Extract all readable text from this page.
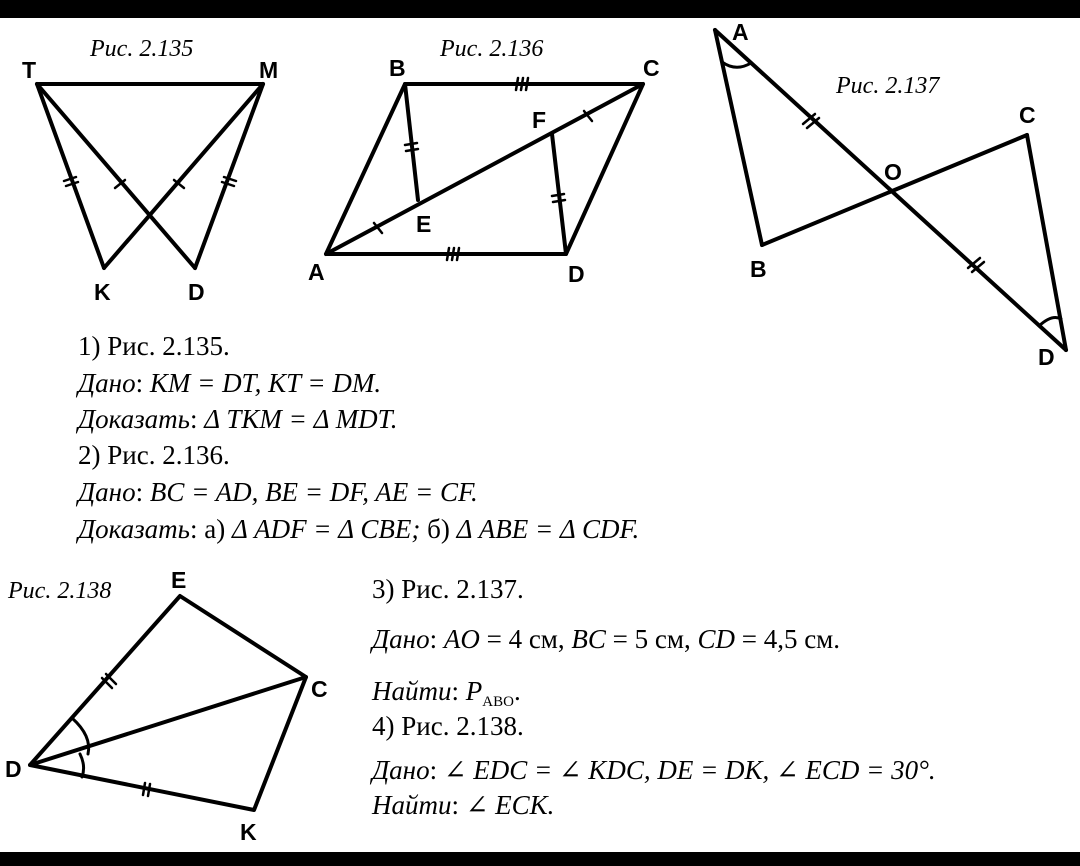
Рис. 2.135
T	M
K	D
Рис. 2.136
B	C
F
E
A	D
Рис. 2.137
A
C
O
B
D
Рис. 2.138	E
C
D
K
1) Рис. 2.135.
Дано: KM = DT, KT = DM.
Доказать: Δ TKM = Δ MDT.
2) Рис. 2.136.
Дано: BC = AD, BE = DF, AE = CF.
Доказать: а) Δ ADF = Δ CBE; б) Δ ABE = Δ CDF.
3) Рис. 2.137.
Дано: AO = 4 см, BC = 5 см, CD = 4,5 см.
Найти: $P_{ABO}$.
4) Рис. 2.138.
Дано: ∠ EDC = ∠ KDC, DE = DK, ∠ ECD = 30°.
Найти: ∠ ECK.
